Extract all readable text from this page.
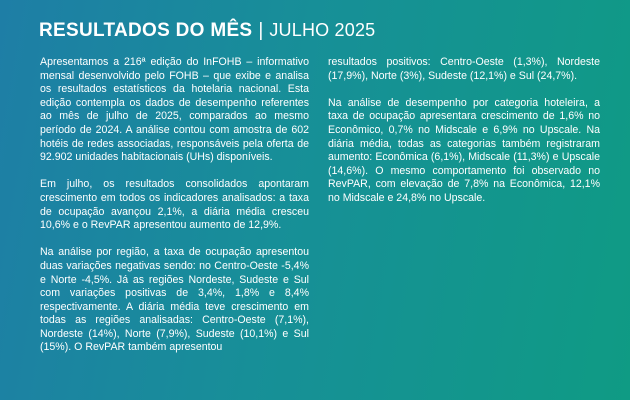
RESULTADOS DO MÊS | JULHO 2025

Apresentamos a 216ª edição do InFOHB – informativo mensal desenvolvido pelo FOHB – que exibe e analisa os resultados estatísticos da hotelaria nacional. Esta edição contempla os dados de desempenho referentes ao mês de julho de 2025, comparados ao mesmo período de 2024. A análise contou com amostra de 602 hotéis de redes associadas, responsáveis pela oferta de 92.902 unidades habitacionais (UHs) disponíveis.

Em julho, os resultados consolidados apontaram crescimento em todos os indicadores analisados: a taxa de ocupação avançou 2,1%, a diária média cresceu 10,6% e o RevPAR apresentou aumento de 12,9%.

Na análise por região, a taxa de ocupação apresentou duas variações negativas sendo: no Centro-Oeste -5,4% e Norte -4,5%. Já as regiões Nordeste, Sudeste e Sul com variações positivas de 3,4%, 1,8% e 8,4% respectivamente. A diária média teve crescimento em todas as regiões analisadas: Centro-Oeste (7,1%), Nordeste (14%), Norte (7,9%), Sudeste (10,1%) e Sul (15%). O RevPAR também apresentou

resultados positivos: Centro-Oeste (1,3%), Nordeste (17,9%), Norte (3%), Sudeste (12,1%) e Sul (24,7%).

Na análise de desempenho por categoria hoteleira, a taxa de ocupação apresentara crescimento de 1,6% no Econômico, 0,7% no Midscale e 6,9% no Upscale. Na diária média, todas as categorias também registraram aumento: Econômica (6,1%), Midscale (11,3%) e Upscale (14,6%). O mesmo comportamento foi observado no RevPAR, com elevação de 7,8% na Econômica, 12,1% no Midscale e 24,8% no Upscale.
